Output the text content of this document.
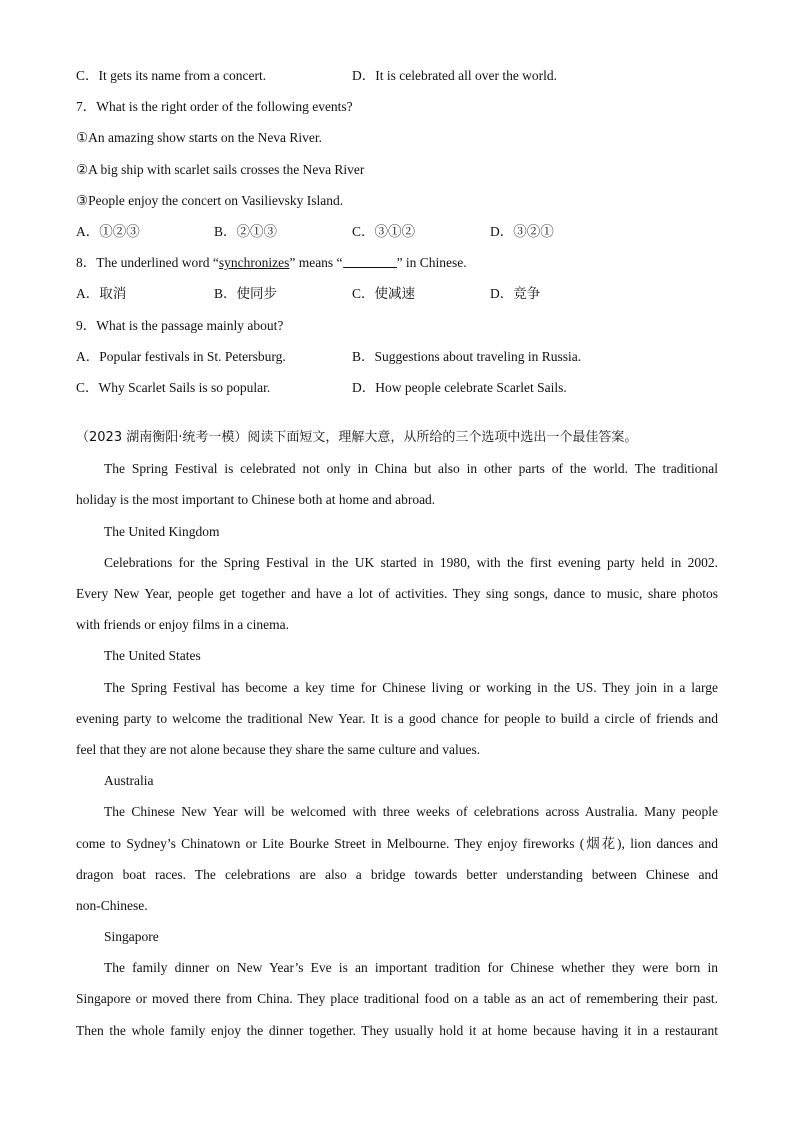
C．It gets its name from a concert.	D．It is celebrated all over the world.
7．What is the right order of the following events?
①An amazing show starts on the Neva River.
②A big ship with scarlet sails crosses the Neva River
③People enjoy the concert on Vasilievsky Island.
A．①②③	B．②①③	C．③①②	D．③②①
8．The underlined word “synchronizes” means “	” in Chinese.
A．取消	B．使同步	C．使减速	D．竞争
9．What is the passage mainly about?
A．Popular festivals in St. Petersburg.	B．Suggestions about traveling in Russia.
C．Why Scarlet Sails is so popular.	D．How people celebrate Scarlet Sails.
（2023 湖南衡阳·统考一模）阅读下面短文，理解大意，从所给的三个选项中选出一个最佳答案。
The Spring Festival is celebrated not only in China but also in other parts of the world. The traditional
holiday is the most important to Chinese both at home and abroad.
The United Kingdom
Celebrations for the Spring Festival in the UK started in 1980, with the first evening party held in 2002.
Every New Year, people get together and have a lot of activities. They sing songs, dance to music, share photos
with friends or enjoy films in a cinema.
The United States
The Spring Festival has become a key time for Chinese living or working in the US. They join in a large
evening party to welcome the traditional New Year. It is a good chance for people to build a circle of friends and
feel that they are not alone because they share the same culture and values.
Australia
The Chinese New Year will be welcomed with three weeks of celebrations across Australia. Many people
come to Sydney’s Chinatown or Lite Bourke Street in Melbourne. They enjoy fireworks (烟花), lion dances and
dragon boat races. The celebrations are also a bridge towards better understanding between Chinese and
non-Chinese.
Singapore
The family dinner on New Year’s Eve is an important tradition for Chinese whether they were born in
Singapore or moved there from China. They place traditional food on a table as an act of remembering their past.
Then the whole family enjoy the dinner together. They usually hold it at home because having it in a restaurant
